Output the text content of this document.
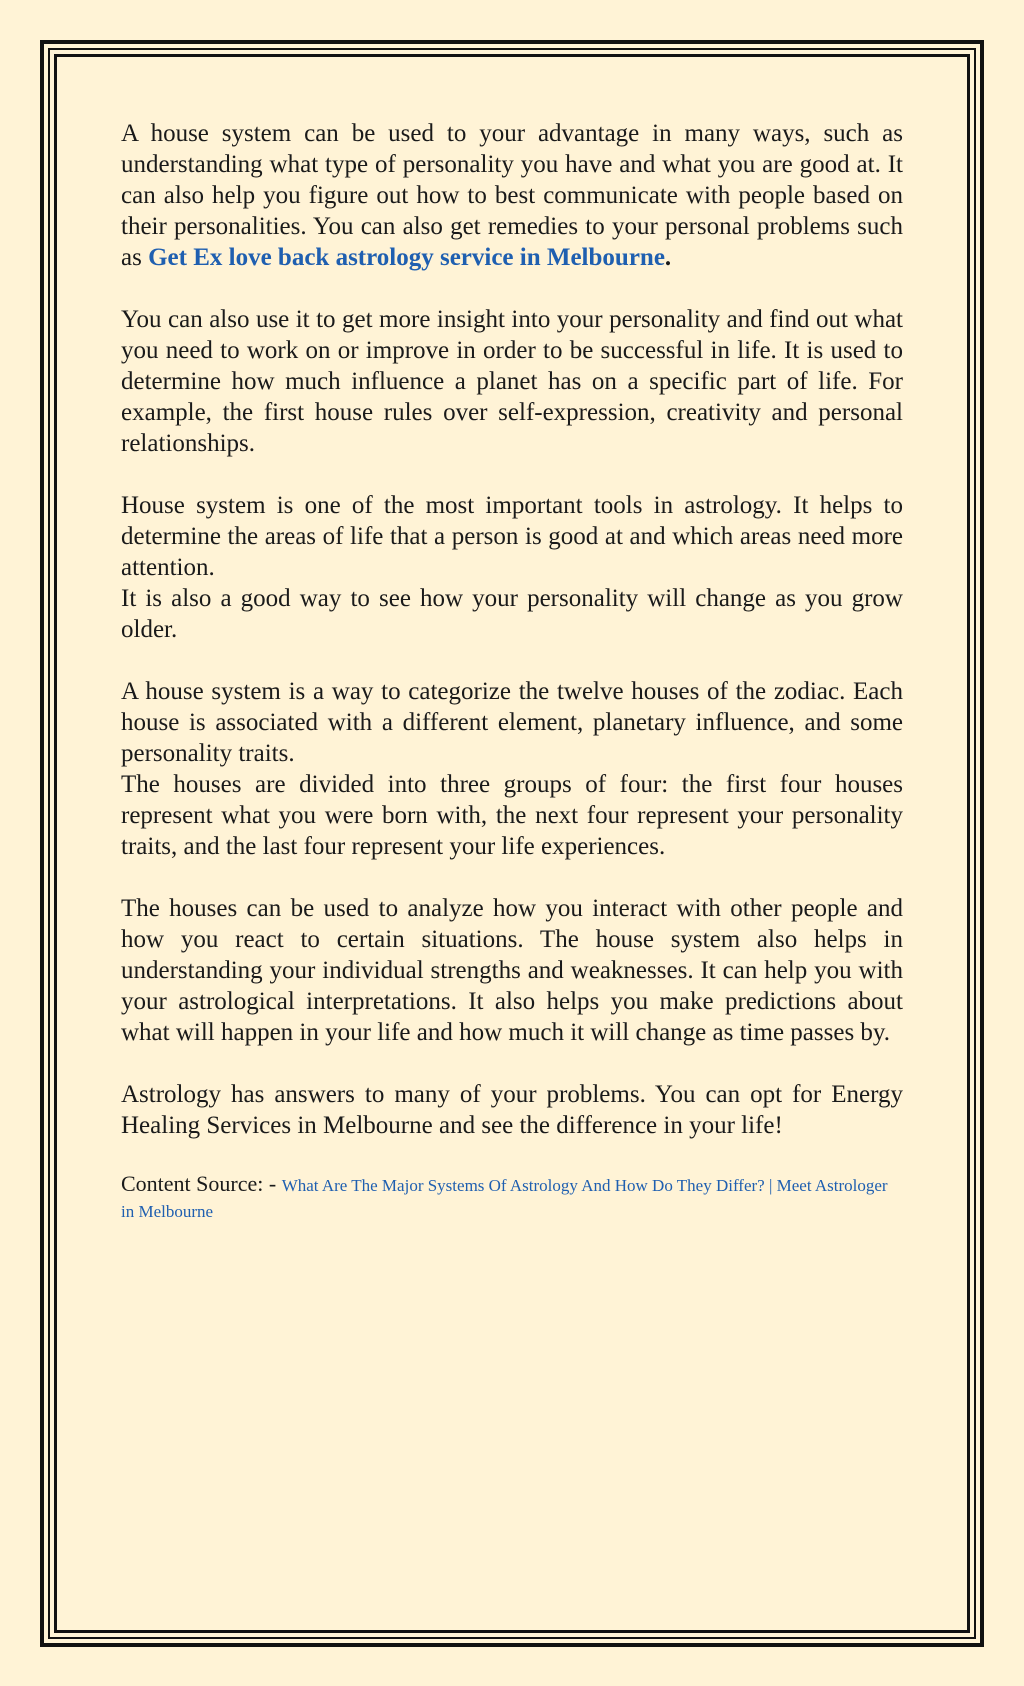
A house system can be used to your advantage in many ways, such as understanding what type of personality you have and what you are good at. It can also help you figure out how to best communicate with people based on their personalities. You can also get remedies to your personal problems such as Get Ex love back astrology service in Melbourne.

You can also use it to get more insight into your personality and find out what you need to work on or improve in order to be successful in life. It is used to determine how much influence a planet has on a specific part of life. For example, the first house rules over self-expression, creativity and personal relationships.

House system is one of the most important tools in astrology. It helps to determine the areas of life that a person is good at and which areas need more attention.

It is also a good way to see how your personality will change as you grow older.

A house system is a way to categorize the twelve houses of the zodiac. Each house is associated with a different element, planetary influence, and some personality traits.

The houses are divided into three groups of four: the first four houses represent what you were born with, the next four represent your personality traits, and the last four represent your life experiences.

The houses can be used to analyze how you interact with other people and how you react to certain situations. The house system also helps in understanding your individual strengths and weaknesses. It can help you with your astrological interpretations. It also helps you make predictions about what will happen in your life and how much it will change as time passes by.

Astrology has answers to many of your problems. You can opt for Energy Healing Services in Melbourne and see the difference in your life!

Content Source: - What Are The Major Systems Of Astrology And How Do They Differ? | Meet Astrologer in Melbourne
